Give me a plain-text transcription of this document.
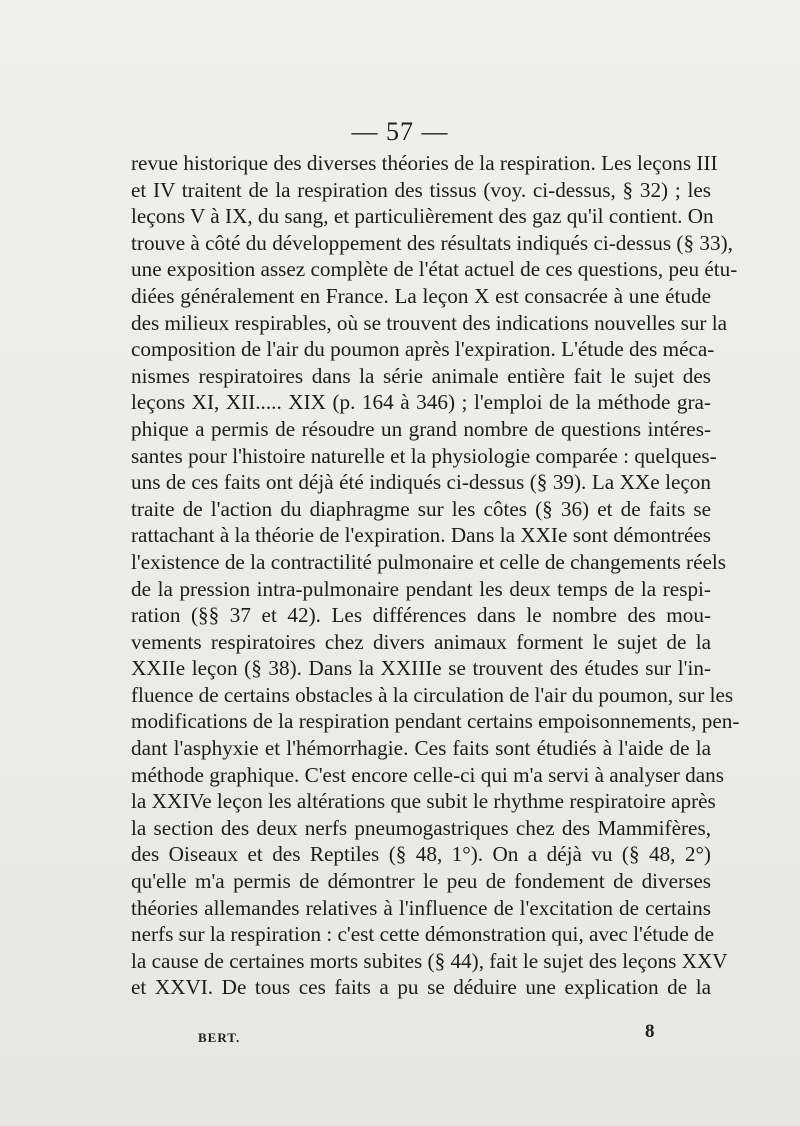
— 57 —
revue historique des diverses théories de la respiration. Les leçons III
et IV traitent de la respiration des tissus (voy. ci-dessus, § 32) ; les
leçons V à IX, du sang, et particulièrement des gaz qu'il contient. On
trouve à côté du développement des résultats indiqués ci-dessus (§ 33),
une exposition assez complète de l'état actuel de ces questions, peu étu-
diées généralement en France. La leçon X est consacrée à une étude
des milieux respirables, où se trouvent des indications nouvelles sur la
composition de l'air du poumon après l'expiration. L'étude des méca-
nismes respiratoires dans la série animale entière fait le sujet des
leçons XI, XII..... XIX (p. 164 à 346) ; l'emploi de la méthode gra-
phique a permis de résoudre un grand nombre de questions intéres-
santes pour l'histoire naturelle et la physiologie comparée : quelques-
uns de ces faits ont déjà été indiqués ci-dessus (§ 39). La XXe leçon
traite de l'action du diaphragme sur les côtes (§ 36) et de faits se
rattachant à la théorie de l'expiration. Dans la XXIe sont démontrées
l'existence de la contractilité pulmonaire et celle de changements réels
de la pression intra-pulmonaire pendant les deux temps de la respi-
ration (§§ 37 et 42). Les différences dans le nombre des mou-
vements respiratoires chez divers animaux forment le sujet de la
XXIIe leçon (§ 38). Dans la XXIIIe se trouvent des études sur l'in-
fluence de certains obstacles à la circulation de l'air du poumon, sur les
modifications de la respiration pendant certains empoisonnements, pen-
dant l'asphyxie et l'hémorrhagie. Ces faits sont étudiés à l'aide de la
méthode graphique. C'est encore celle-ci qui m'a servi à analyser dans
la XXIVe leçon les altérations que subit le rhythme respiratoire après
la section des deux nerfs pneumogastriques chez des Mammifères,
des Oiseaux et des Reptiles (§ 48, 1°). On a déjà vu (§ 48, 2°)
qu'elle m'a permis de démontrer le peu de fondement de diverses
théories allemandes relatives à l'influence de l'excitation de certains
nerfs sur la respiration : c'est cette démonstration qui, avec l'étude de
la cause de certaines morts subites (§ 44), fait le sujet des leçons XXV
et XXVI. De tous ces faits a pu se déduire une explication de la
BERT.	8
